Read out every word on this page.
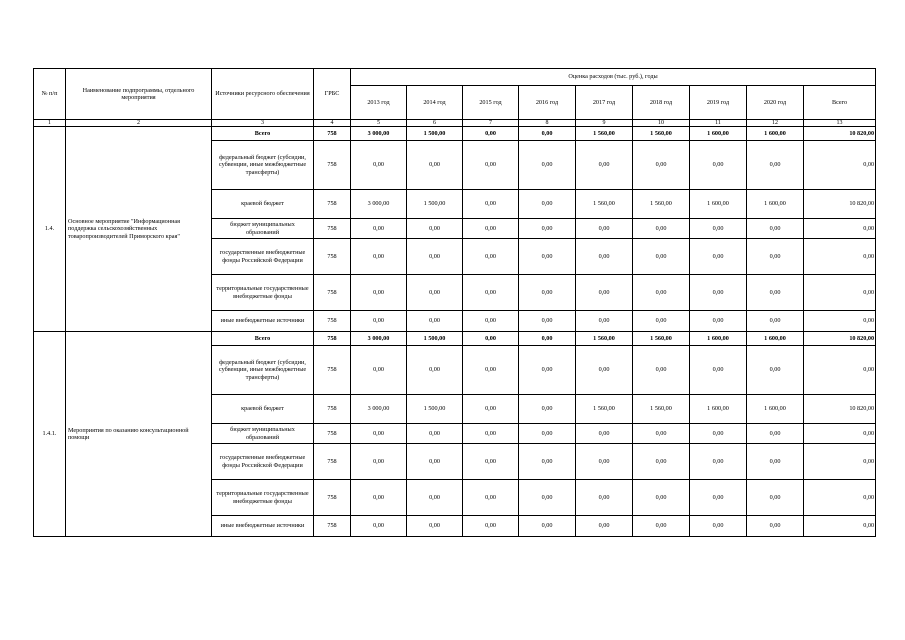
№ п/п	Наименование подпрограммы, отдельного мероприятия	Источники ресурсного обеспечения	ГРБС	Оценка расходов (тыс. руб.), годы								
				2013 год	2014 год	2015 год	2016 год	2017 год	2018 год	2019 год	2020 год	Всего
1	2	3	4	5	6	7	8	9	10	11	12	13
1.4.	Основное мероприятие "Информационная поддержка сельскохозяйственных товаропроизводителей Приморского края"	Всего	758	3 000,00	1 500,00	0,00	0,00	1 560,00	1 560,00	1 600,00	1 600,00	10 820,00
		федеральный бюджет (субсидии, субвенции, иные межбюджетные трансферты)	758	0,00	0,00	0,00	0,00	0,00	0,00	0,00	0,00	0,00
		краевой бюджет	758	3 000,00	1 500,00	0,00	0,00	1 560,00	1 560,00	1 600,00	1 600,00	10 820,00
		бюджет муниципальных образований	758	0,00	0,00	0,00	0,00	0,00	0,00	0,00	0,00	0,00
		государственные внебюджетные фонды Российской Федерации	758	0,00	0,00	0,00	0,00	0,00	0,00	0,00	0,00	0,00
		территориальные государственные внебюджетные фонды	758	0,00	0,00	0,00	0,00	0,00	0,00	0,00	0,00	0,00
		иные внебюджетные источники	758	0,00	0,00	0,00	0,00	0,00	0,00	0,00	0,00	0,00
1.4.1.	Мероприятия по оказанию консультационной помощи	Всего	758	3 000,00	1 500,00	0,00	0,00	1 560,00	1 560,00	1 600,00	1 600,00	10 820,00
		федеральный бюджет (субсидии, субвенции, иные межбюджетные трансферты)	758	0,00	0,00	0,00	0,00	0,00	0,00	0,00	0,00	0,00
		краевой бюджет	758	3 000,00	1 500,00	0,00	0,00	1 560,00	1 560,00	1 600,00	1 600,00	10 820,00
		бюджет муниципальных образований	758	0,00	0,00	0,00	0,00	0,00	0,00	0,00	0,00	0,00
		государственные внебюджетные фонды Российской Федерации	758	0,00	0,00	0,00	0,00	0,00	0,00	0,00	0,00	0,00
		территориальные государственные внебюджетные фонды	758	0,00	0,00	0,00	0,00	0,00	0,00	0,00	0,00	0,00
		иные внебюджетные источники	758	0,00	0,00	0,00	0,00	0,00	0,00	0,00	0,00	0,00
